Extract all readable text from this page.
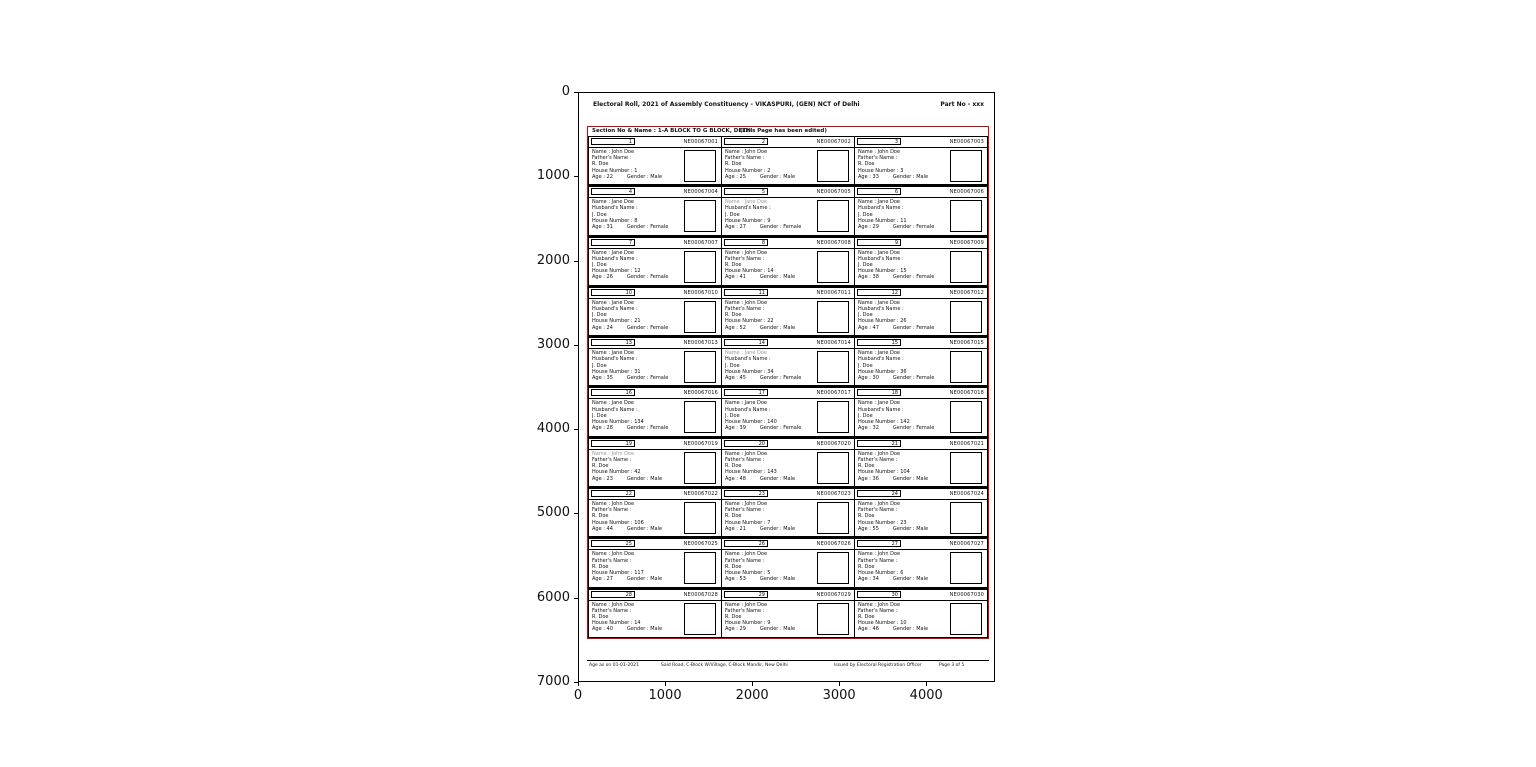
Electoral Roll, 2021 of Assembly Constituency - VIKASPURI, (GEN) NCT of Delhi	Part No - xxx
Section No & Name : 1-A BLOCK TO G BLOCK, DELHI
(This Page has been edited)
1	NE00067001
Name : John Doe
Father's Name :
R. Doe
House Number : 1
Age : 22	Gender : Male
2	NE00067002
Name : John Doe
Father's Name :
R. Doe
House Number : 2
Age : 25	Gender : Male
3	NE00067003
Name : John Doe
Father's Name :
R. Doe
House Number : 3
Age : 33	Gender : Male
4	NE00067004
Name : Jane Doe
Husband's Name :
J. Doe
House Number : 8
Age : 31	Gender : Female
5	NE00067005
Name : Jane Doe
Husband's Name :
J. Doe
House Number : 9
Age : 27	Gender : Female
6	NE00067006
Name : Jane Doe
Husband's Name :
J. Doe
House Number : 11
Age : 29	Gender : Female
7	NE00067007
Name : Jane Doe
Husband's Name :
J. Doe
House Number : 12
Age : 26	Gender : Female
8	NE00067008
Name : John Doe
Father's Name :
R. Doe
House Number : 14
Age : 41	Gender : Male
9	NE00067009
Name : Jane Doe
Husband's Name :
J. Doe
House Number : 15
Age : 38	Gender : Female
10	NE00067010
Name : Jane Doe
Husband's Name :
J. Doe
House Number : 21
Age : 24	Gender : Female
11	NE00067011
Name : John Doe
Father's Name :
R. Doe
House Number : 22
Age : 52	Gender : Male
12	NE00067012
Name : Jane Doe
Husband's Name :
J. Doe
House Number : 26
Age : 47	Gender : Female
13	NE00067013
Name : Jane Doe
Husband's Name :
J. Doe
House Number : 31
Age : 35	Gender : Female
14	NE00067014
Name : Jane Doe
Husband's Name :
J. Doe
House Number : 34
Age : 45	Gender : Female
15	NE00067015
Name : Jane Doe
Husband's Name :
J. Doe
House Number : 36
Age : 30	Gender : Female
16	NE00067016
Name : Jane Doe
Husband's Name :
J. Doe
House Number : 134
Age : 28	Gender : Female
17	NE00067017
Name : Jane Doe
Husband's Name :
J. Doe
House Number : 140
Age : 39	Gender : Female
18	NE00067018
Name : Jane Doe
Husband's Name :
J. Doe
House Number : 142
Age : 32	Gender : Female
19	NE00067019
Name : John Doe
Father's Name :
R. Doe
House Number : 42
Age : 23	Gender : Male
20	NE00067020
Name : John Doe
Father's Name :
R. Doe
House Number : 143
Age : 48	Gender : Male
21	NE00067021
Name : John Doe
Father's Name :
R. Doe
House Number : 104
Age : 36	Gender : Male
22	NE00067022
Name : John Doe
Father's Name :
R. Doe
House Number : 106
Age : 44	Gender : Male
23	NE00067023
Name : John Doe
Father's Name :
R. Doe
House Number : 7
Age : 21	Gender : Male
24	NE00067024
Name : John Doe
Father's Name :
R. Doe
House Number : 23
Age : 55	Gender : Male
25	NE00067025
Name : John Doe
Father's Name :
R. Doe
House Number : 117
Age : 27	Gender : Male
26	NE00067026
Name : John Doe
Father's Name :
R. Doe
House Number : 5
Age : 53	Gender : Male
27	NE00067027
Name : John Doe
Father's Name :
R. Doe
House Number : 6
Age : 34	Gender : Male
28	NE00067028
Name : John Doe
Father's Name :
R. Doe
House Number : 14
Age : 40	Gender : Male
29	NE00067029
Name : John Doe
Father's Name :
R. Doe
House Number : 9
Age : 29	Gender : Male
30	NE00067030
Name : John Doe
Father's Name :
R. Doe
House Number : 10
Age : 46	Gender : Male
Age as on 01-01-2021	Said Road, C-Block W/Village, C-Block Mandir, New Delhi	Issued by Electoral Registration Officer	Page 3 of 5
0	1000	2000	3000	4000
0
1000
2000
3000
4000
5000
6000
7000
